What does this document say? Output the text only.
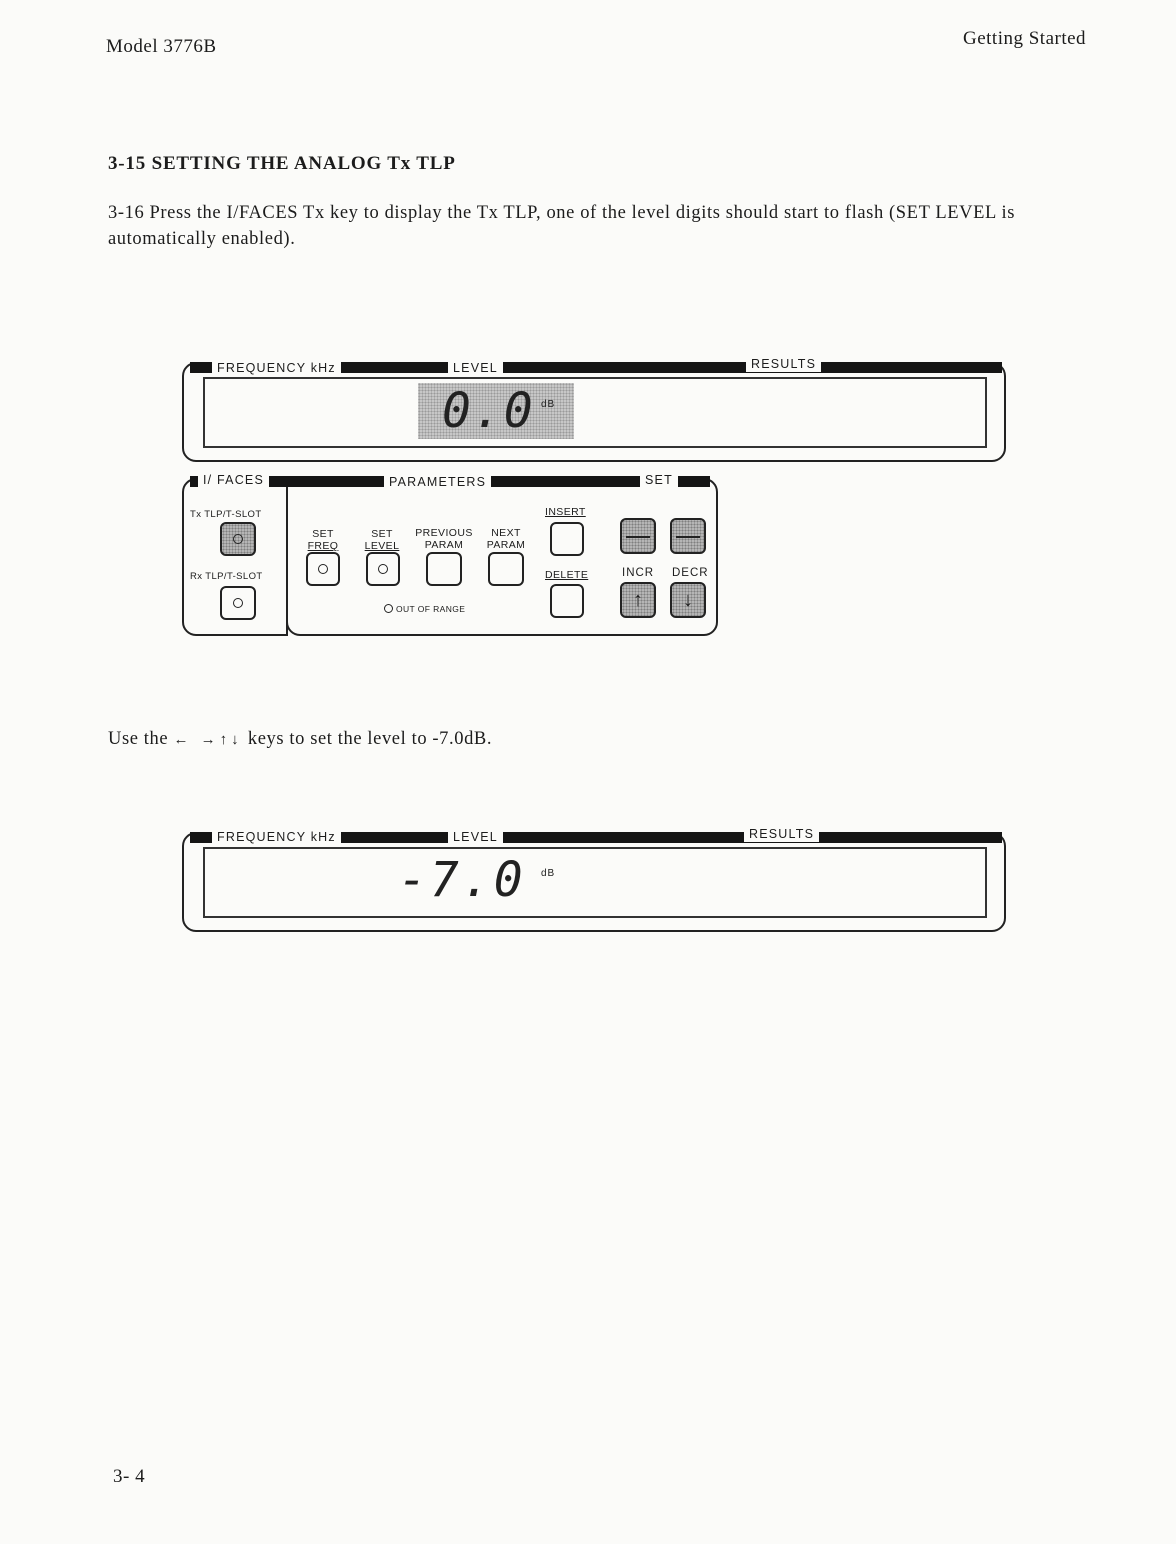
Model 3776B	Getting Started
3-15 SETTING THE ANALOG Tx TLP
3-16 Press the I/FACES Tx key to display the Tx TLP, one of the level digits should start to flash (SET LEVEL is automatically enabled).
FREQUENCY kHz	LEVEL	RESULTS
0.0 dB
I/ FACES	PARAMETERS	SET
Tx TLP/T-SLOT
Rx TLP/T-SLOT
SET
FREQ
SET
LEVEL
PREVIOUS
PARAM
NEXT
PARAM
OUT OF RANGE
INSERT
DELETE	INCR DECR
↑ ↓
Use the ← →↑↓ keys to set the level to -7.0dB.
FREQUENCY kHz	LEVEL	RESULTS
-7.0 dB
3- 4
